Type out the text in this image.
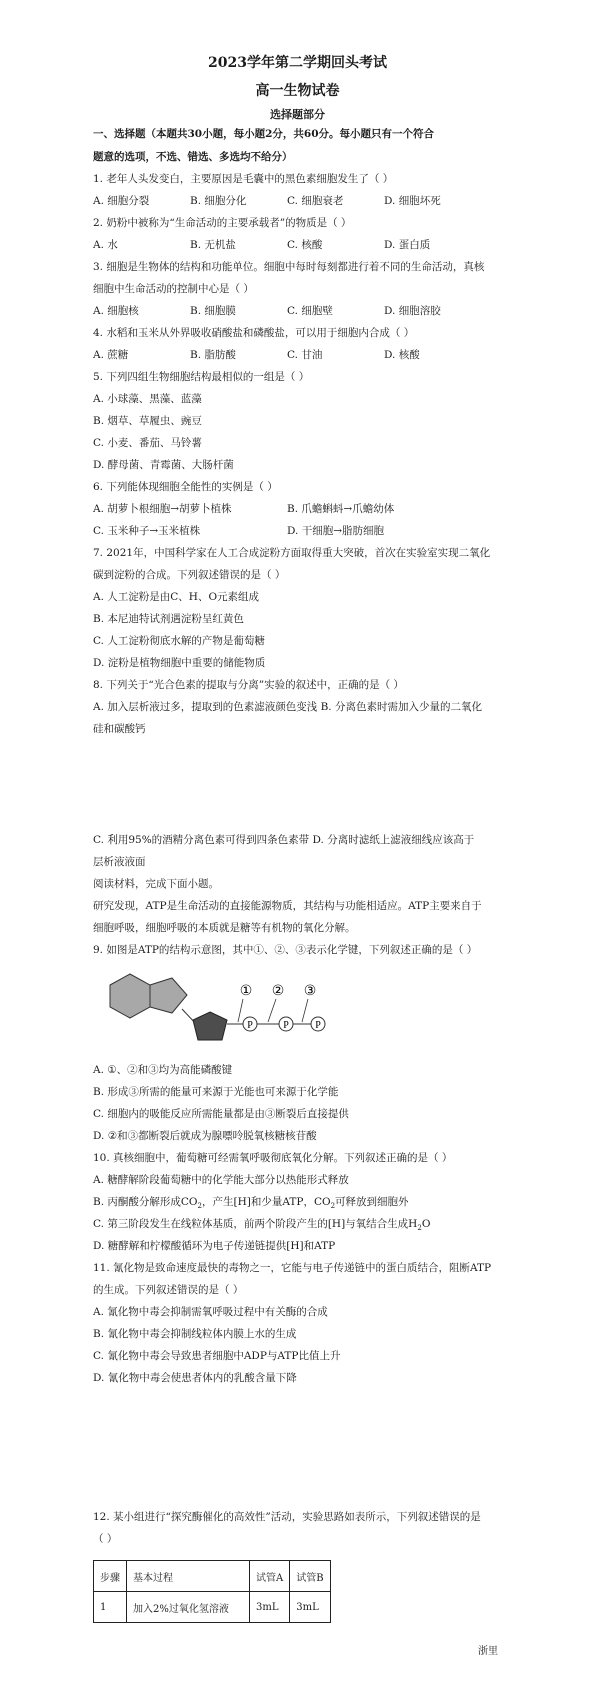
2023学年第二学期回头考试
高一生物试卷
选择题部分
一、选择题（本题共30小题，每小题2分，共60分。每小题只有一个符合
题意的选项，不选、错选、多选均不给分）
1. 老年人头发变白，主要原因是毛囊中的黑色素细胞发生了（ ）
A. 细胞分裂	B. 细胞分化	C. 细胞衰老	D. 细胞坏死
2. 奶粉中被称为“生命活动的主要承载者”的物质是（ ）
A. 水	B. 无机盐	C. 核酸	D. 蛋白质
3. 细胞是生物体的结构和功能单位。细胞中每时每刻都进行着不同的生命活动，真核
细胞中生命活动的控制中心是（ ）
A. 细胞核	B. 细胞膜	C. 细胞壁	D. 细胞溶胶
4. 水稻和玉米从外界吸收硝酸盐和磷酸盐，可以用于细胞内合成（ ）
A. 蔗糖	B. 脂肪酸	C. 甘油	D. 核酸
5. 下列四组生物细胞结构最相似的一组是（ ）
A. 小球藻、黑藻、蓝藻
B. 烟草、草履虫、豌豆
C. 小麦、番茄、马铃薯
D. 酵母菌、青霉菌、大肠杆菌
6. 下列能体现细胞全能性的实例是（ ）
A. 胡萝卜根细胞→胡萝卜植株	B. 爪蟾蝌蚪→爪蟾幼体
C. 玉米种子→玉米植株	D. 干细胞→脂肪细胞
7. 2021年，中国科学家在人工合成淀粉方面取得重大突破，首次在实验室实现二氧化
碳到淀粉的合成。下列叙述错误的是（ ）
A. 人工淀粉是由C、H、O元素组成
B. 本尼迪特试剂遇淀粉呈红黄色
C. 人工淀粉彻底水解的产物是葡萄糖
D. 淀粉是植物细胞中重要的储能物质
8. 下列关于“光合色素的提取与分离”实验的叙述中，正确的是（ ）
A. 加入层析液过多，提取到的色素滤液颜色变浅 B. 分离色素时需加入少量的二氧化
硅和碳酸钙
C. 利用95%的酒精分离色素可得到四条色素带 D. 分离时滤纸上滤液细线应该高于
层析液液面
阅读材料，完成下面小题。
研究发现，ATP是生命活动的直接能源物质，其结构与功能相适应。ATP主要来自于
细胞呼吸，细胞呼吸的本质就是糖等有机物的氧化分解。
9. 如图是ATP的结构示意图，其中①、②、③表示化学键，下列叙述正确的是（ ）
P	P	P
① ② ③
A. ①、②和③均为高能磷酸键
B. 形成③所需的能量可来源于光能也可来源于化学能
C. 细胞内的吸能反应所需能量都是由③断裂后直接提供
D. ②和③都断裂后就成为腺嘌呤脱氧核糖核苷酸
10. 真核细胞中，葡萄糖可经需氧呼吸彻底氧化分解。下列叙述正确的是（ ）
A. 糖酵解阶段葡萄糖中的化学能大部分以热能形式释放
B. 丙酮酸分解形成$CO_2$，产生[H]和少量ATP，$CO_2$可释放到细胞外
C. 第三阶段发生在线粒体基质，前两个阶段产生的[H]与氧结合生成$H_2O$
D. 糖酵解和柠檬酸循环为电子传递链提供[H]和ATP
11. 氰化物是致命速度最快的毒物之一，它能与电子传递链中的蛋白质结合，阻断ATP
的生成。下列叙述错误的是（ ）
A. 氰化物中毒会抑制需氧呼吸过程中有关酶的合成
B. 氰化物中毒会抑制线粒体内膜上水的生成
C. 氰化物中毒会导致患者细胞中ADP与ATP比值上升
D. 氰化物中毒会使患者体内的乳酸含量下降
12. 某小组进行“探究酶催化的高效性”活动，实验思路如表所示，下列叙述错误的是
（ ）
步骤	基本过程	试管A	试管B
1	加入2%过氧化氢溶液	3mL	3mL
浙里
